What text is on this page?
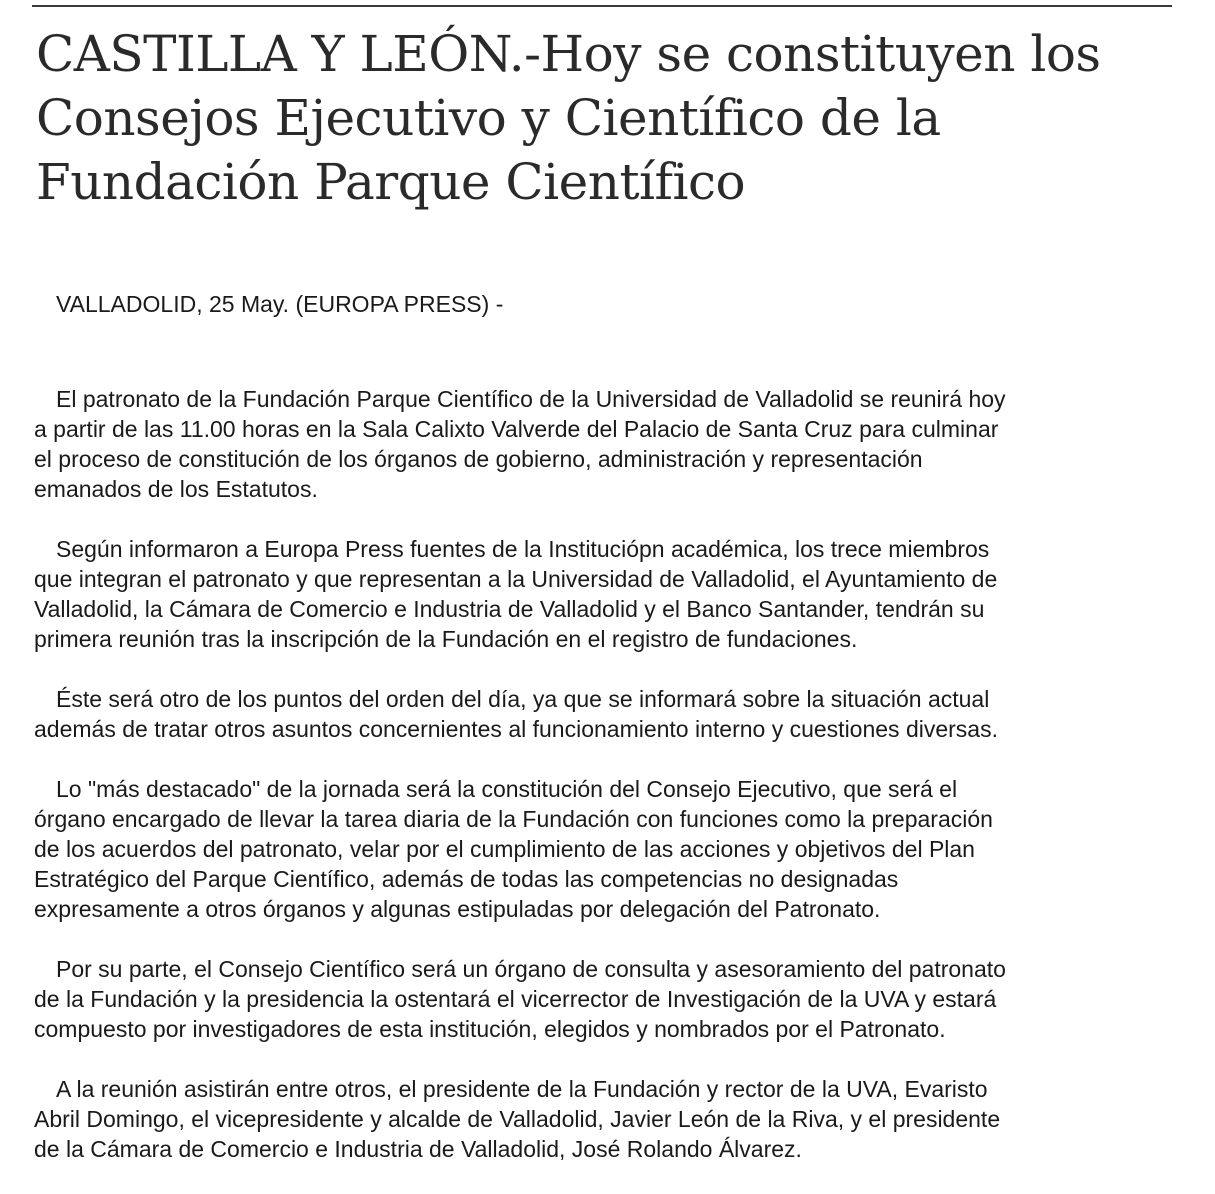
CASTILLA Y LEÓN.-Hoy se constituyen los
Consejos Ejecutivo y Científico de la
Fundación Parque Científico

VALLADOLID, 25 May. (EUROPA PRESS) -

El patronato de la Fundación Parque Científico de la Universidad de Valladolid se reunirá hoy
a partir de las 11.00 horas en la Sala Calixto Valverde del Palacio de Santa Cruz para culminar
el proceso de constitución de los órganos de gobierno, administración y representación
emanados de los Estatutos.

Según informaron a Europa Press fuentes de la Instituciópn académica, los trece miembros
que integran el patronato y que representan a la Universidad de Valladolid, el Ayuntamiento de
Valladolid, la Cámara de Comercio e Industria de Valladolid y el Banco Santander, tendrán su
primera reunión tras la inscripción de la Fundación en el registro de fundaciones.

Éste será otro de los puntos del orden del día, ya que se informará sobre la situación actual
además de tratar otros asuntos concernientes al funcionamiento interno y cuestiones diversas.

Lo "más destacado" de la jornada será la constitución del Consejo Ejecutivo, que será el
órgano encargado de llevar la tarea diaria de la Fundación con funciones como la preparación
de los acuerdos del patronato, velar por el cumplimiento de las acciones y objetivos del Plan
Estratégico del Parque Científico, además de todas las competencias no designadas
expresamente a otros órganos y algunas estipuladas por delegación del Patronato.

Por su parte, el Consejo Científico será un órgano de consulta y asesoramiento del patronato
de la Fundación y la presidencia la ostentará el vicerrector de Investigación de la UVA y estará
compuesto por investigadores de esta institución, elegidos y nombrados por el Patronato.

A la reunión asistirán entre otros, el presidente de la Fundación y rector de la UVA, Evaristo
Abril Domingo, el vicepresidente y alcalde de Valladolid, Javier León de la Riva, y el presidente
de la Cámara de Comercio e Industria de Valladolid, José Rolando Álvarez.
